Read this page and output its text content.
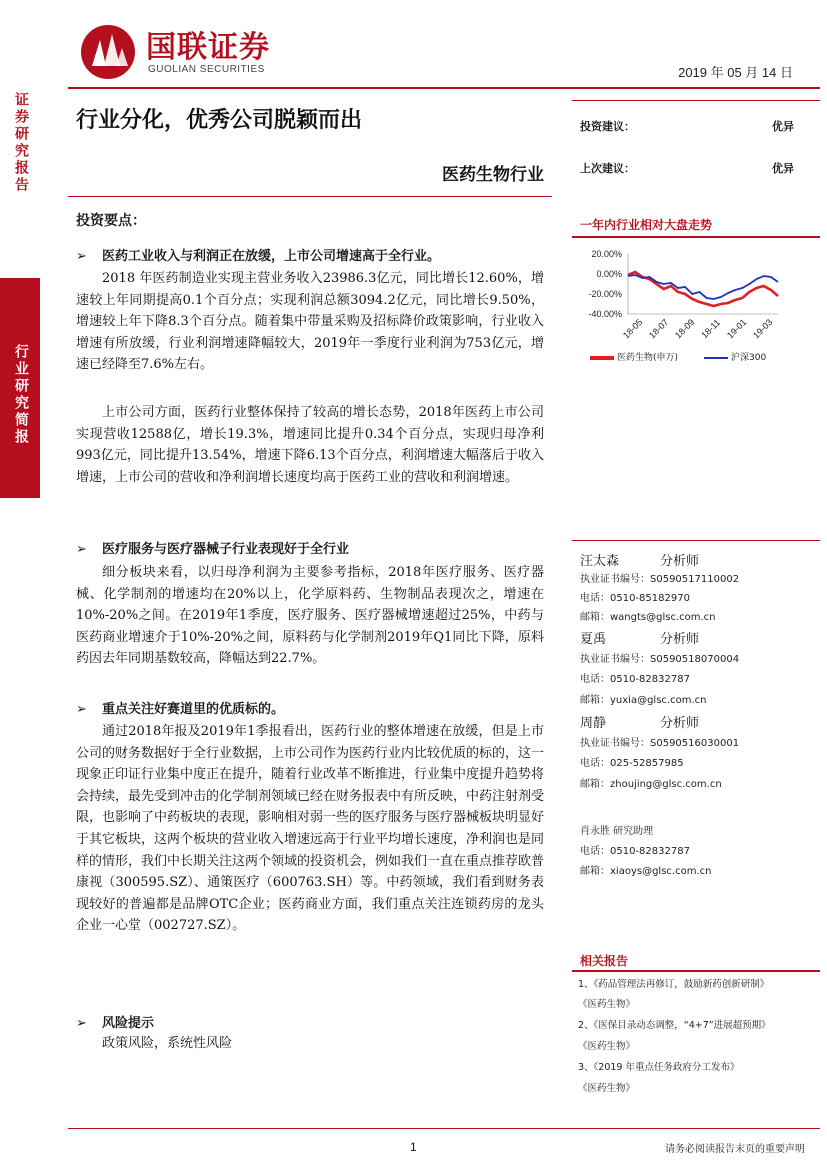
国联证券
GUOLIAN SECURITIES	2019 年 05 月 14 日
证券研究报告
行业研究简报
行业分化，优秀公司脱颖而出
医药生物行业
投资建议：	优异
上次建议：	优异
投资要点：
➢ 医药工业收入与利润正在放缓，上市公司增速高于全行业。
2018 年医药制造业实现主营业务收入23986.3亿元，同比增长12.60%，增速较上年同期提高0.1个百分点；实现利润总额3094.2亿元，同比增长9.50%，增速较上年下降8.3个百分点。随着集中带量采购及招标降价政策影响，行业收入增速有所放缓，行业利润增速降幅较大，2019年一季度行业利润为753亿元，增速已经降至7.6%左右。
上市公司方面，医药行业整体保持了较高的增长态势，2018年医药上市公司实现营收12588亿，增长19.3%，增速同比提升0.34个百分点，实现归母净利993亿元，同比提升13.54%，增速下降6.13个百分点，利润增速大幅落后于收入增速，上市公司的营收和净利润增长速度均高于医药工业的营收和利润增速。
➢ 医疗服务与医疗器械子行业表现好于全行业
细分板块来看，以归母净利润为主要参考指标，2018年医疗服务、医疗器械、化学制剂的增速均在20%以上，化学原料药、生物制品表现次之，增速在10%-20%之间。在2019年1季度，医疗服务、医疗器械增速超过25%，中药与医药商业增速介于10%-20%之间，原料药与化学制剂2019年Q1同比下降，原料药因去年同期基数较高，降幅达到22.7%。
➢ 重点关注好赛道里的优质标的。
通过2018年报及2019年1季报看出，医药行业的整体增速在放缓，但是上市公司的财务数据好于全行业数据，上市公司作为医药行业内比较优质的标的，这一现象正印证行业集中度正在提升，随着行业改革不断推进，行业集中度提升趋势将会持续，最先受到冲击的化学制剂领域已经在财务报表中有所反映，中药注射剂受限，也影响了中药板块的表现，影响相对弱一些的医疗服务与医疗器械板块明显好于其它板块，这两个板块的营业收入增速远高于行业平均增长速度，净利润也是同样的情形，我们中长期关注这两个领域的投资机会，例如我们一直在重点推荐欧普康视（300595.SZ）、通策医疗（600763.SH）等。中药领域，我们看到财务表现较好的普遍都是品牌OTC企业；医药商业方面，我们重点关注连锁药房的龙头企业一心堂（002727.SZ）。
➢ 风险提示
政策风险，系统性风险
一年内行业相对大盘走势
20.00%
0.00%
-20.00%
-40.00%
18-05 18-07 18-09 18-11 19-01 19-03
医药生物(申万)	沪深300
汪太森	分析师
执业证书编号：S0590517110002
电话：0510-85182970
邮箱：wangts@glsc.com.cn
夏禹	分析师
执业证书编号：S0590518070004
电话：0510-82832787
邮箱：yuxia@glsc.com.cn
周静	分析师
执业证书编号：S0590516030001
电话：025-52857985
邮箱：zhoujing@glsc.com.cn
肖永胜 研究助理
电话：0510-82832787
邮箱：xiaoys@glsc.com.cn
相关报告
1、《药品管理法再修订，鼓励新药创新研制》
《医药生物》
2、《医保目录动态调整，“4+7”进展超预期》
《医药生物》
3、《2019 年重点任务政府分工发布》
《医药生物》
1	请务必阅读报告末页的重要声明
